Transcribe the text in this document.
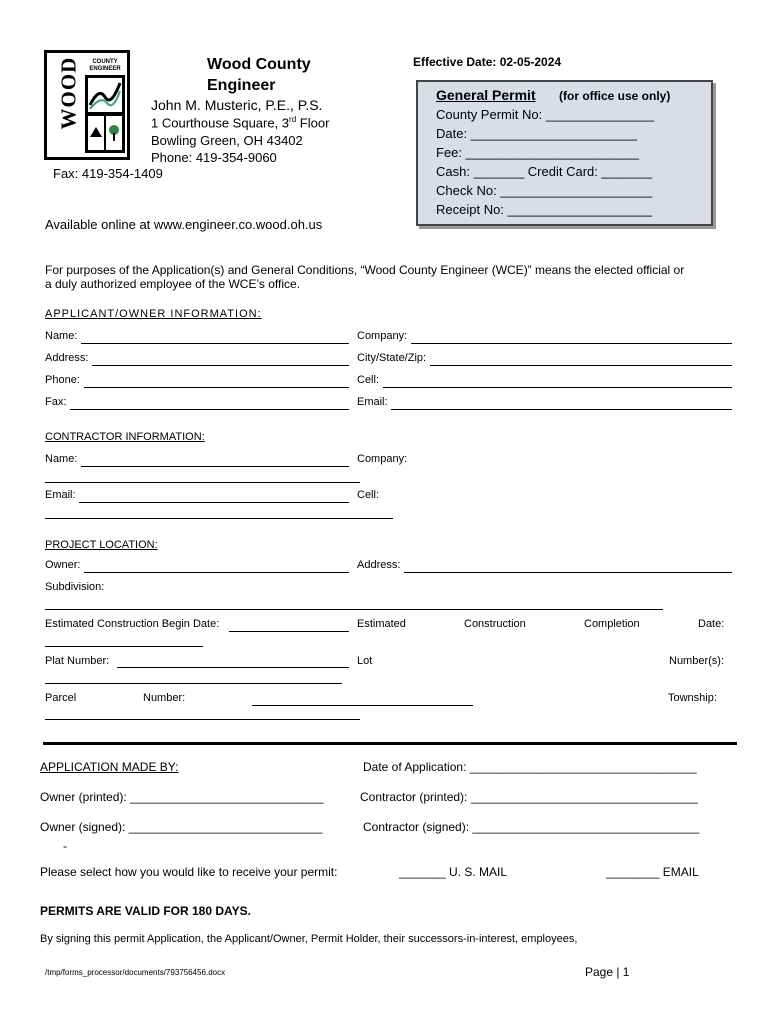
COUNTY
ENGINEER
WOOD	Wood County
Engineer
John M. Musteric, P.E., P.S.
1 Courthouse Square, 3rd Floor
Bowling Green, OH 43402
Phone: 419-354-9060
Fax: 419-354-1409
Available online at www.engineer.co.wood.oh.us
Effective Date: 02-05-2024
General Permit (for office use only)
County Permit No: _______________
Date: _______________________
Fee: ________________________
Cash: _______ Credit Card: _______
Check No: _____________________
Receipt No: ____________________
For purposes of the Application(s) and General Conditions, “Wood County Engineer (WCE)” means the elected official or
a duly authorized employee of the WCE’s office.
APPLICANT/OWNER INFORMATION:
Name:	Company:
Address:	City/State/Zip:
Phone:	Cell:
Fax:	Email:
CONTRACTOR INFORMATION:
Name:	Company:
Email:	Cell:
PROJECT LOCATION:
Owner:	Address:
Subdivision:
Estimated Construction Begin Date:	Estimated	Construction	Completion	Date:
Plat Number:	Lot	Number(s):
Parcel	Number:	Township:
APPLICATION MADE BY:	Date of Application: __________________________________
Owner (printed): _____________________________	Contractor (printed): __________________________________
Owner (signed): _____________________________	Contractor (signed): __________________________________
-
Please select how you would like to receive your permit:	_______ U. S. MAIL	________ EMAIL
PERMITS ARE VALID FOR 180 DAYS.
By signing this permit Application, the Applicant/Owner, Permit Holder, their successors-in-interest, employees,
/tmp/forms_processor/documents/793756456.docx	Page | 1
